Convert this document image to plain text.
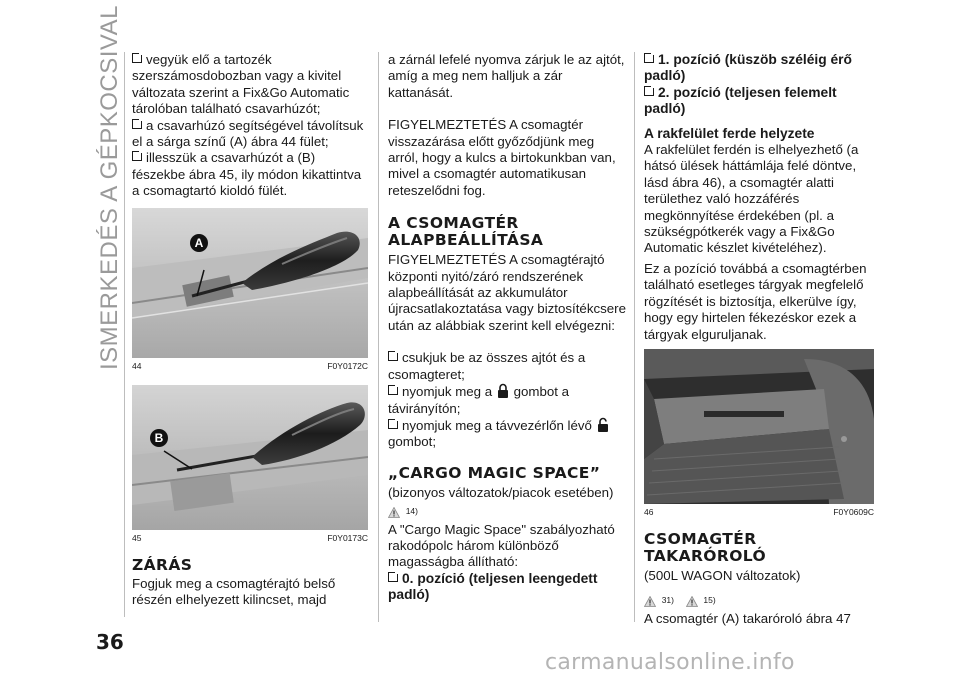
ISMERKEDÉS A GÉPKOCSIVAL	vegyük elő a tartozék szerszámosdobozban vagy a kivitel változata szerint a Fix&Go Automatic tárolóban található csavarhúzót;

a csavarhúzó segítségével távolítsuk el a sárga színű (A) ábra 44 fület;

illesszük a csavarhúzót a (B) fészekbe ábra 45, ily módon kikattintva a csomagtartó kioldó fülét.

A
44	F0Y0172C
B
45	F0Y0173C

ZÁRÁS

Fogjuk meg a csomagtérajtó belső részén elhelyezett kilincset, majd

a zárnál lefelé nyomva zárjuk le az ajtót, amíg a meg nem halljuk a zár kattanását.

FIGYELMEZTETÉS A csomagtér visszazárása előtt győződjünk meg arról, hogy a kulcs a birtokunkban van, mivel a csomagtér automatikusan reteszelődni fog.

A CSOMAGTÉR ALAPBEÁLLÍTÁSA

FIGYELMEZTETÉS A csomagtérajtó központi nyitó/záró rendszerének alapbeállítását az akkumulátor újracsatlakoztatása vagy biztosítékcsere után az alábbiak szerint kell elvégezni:

csukjuk be az összes ajtót és a csomagteret;

nyomjuk meg a gombot a távirányítón;

nyomjuk meg a távvezérlőn lévő  gombot;

„CARGO MAGIC SPACE”

(bizonyos változatok/piacok esetében)

$^{14)}$

A "Cargo Magic Space" szabályozható rakodópolc három különböző magasságba állítható:

0. pozíció (teljesen leengedett padló)

1. pozíció (küszöb széléig érő padló)

2. pozíció (teljesen felemelt padló)

A rakfelület ferde helyzete

A rakfelület ferdén is elhelyezhető (a hátsó ülések háttámlája felé döntve, lásd ábra 46), a csomagtér alatti területhez való hozzáférés megkönnyítése érdekében (pl. a szükségpótkerék vagy a Fix&Go Automatic készlet kivételéhez).

Ez a pozíció továbbá a csomagtérben található esetleges tárgyak megfelelő rögzítését is biztosítja, elkerülve így, hogy egy hirtelen fékezéskor ezek a tárgyak elguruljanak.

46	F0Y0609C

CSOMAGTÉR TAKARÓROLÓ

(500L WAGON változatok)

$^{31)}$	$^{15)}$

A csomagtér (A) takaróroló ábra 47

36
carmanualsonline.info
